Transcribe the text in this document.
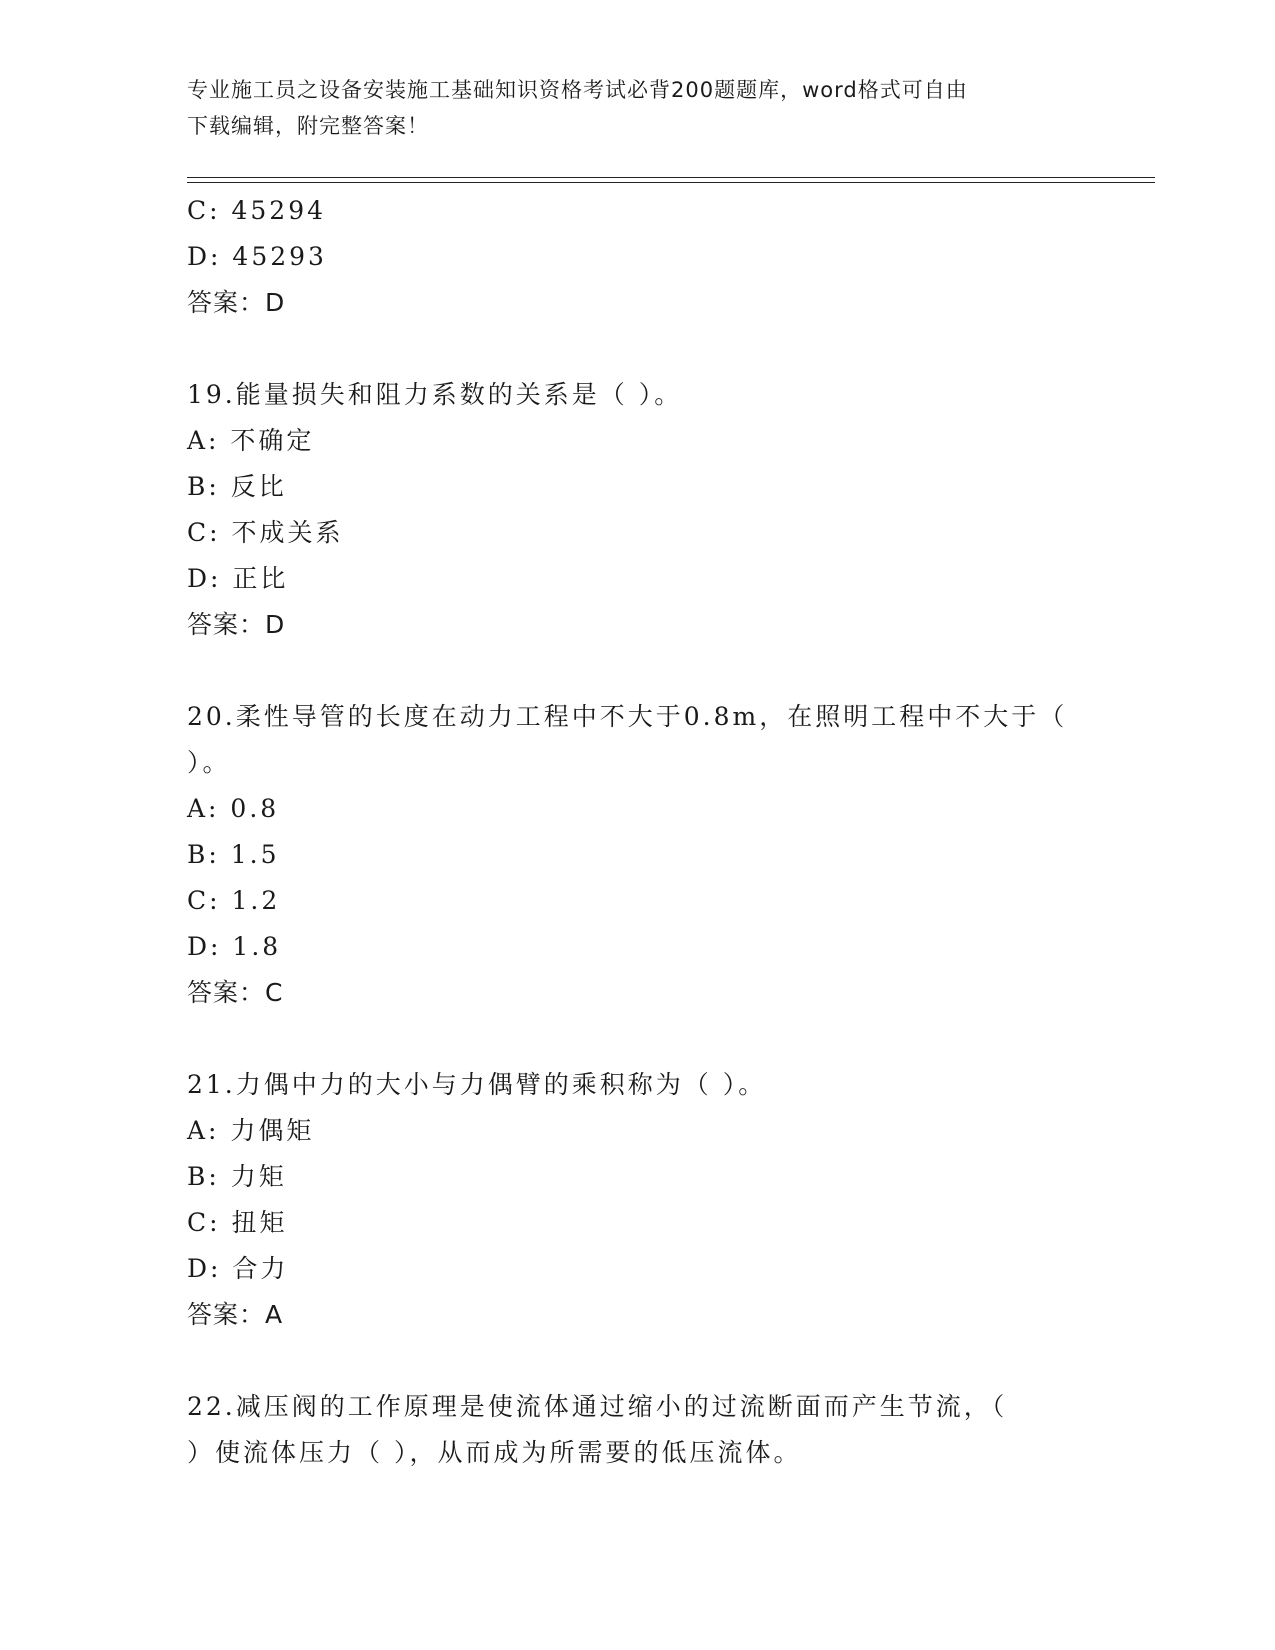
专业施工员之设备安装施工基础知识资格考试必背200题题库，word格式可自由
下载编辑，附完整答案！
C: 45294
D: 45293
答案：D
19.能量损失和阻力系数的关系是（ ）。
A: 不确定
B: 反比
C: 不成关系
D: 正比
答案：D
20.柔性导管的长度在动力工程中不大于0.8m，在照明工程中不大于（
）。
A: 0.8
B: 1.5
C: 1.2
D: 1.8
答案：C
21.力偶中力的大小与力偶臂的乘积称为（ ）。
A: 力偶矩
B: 力矩
C: 扭矩
D: 合力
答案：A
22.减压阀的工作原理是使流体通过缩小的过流断面而产生节流，（
）使流体压力（ ），从而成为所需要的低压流体。
